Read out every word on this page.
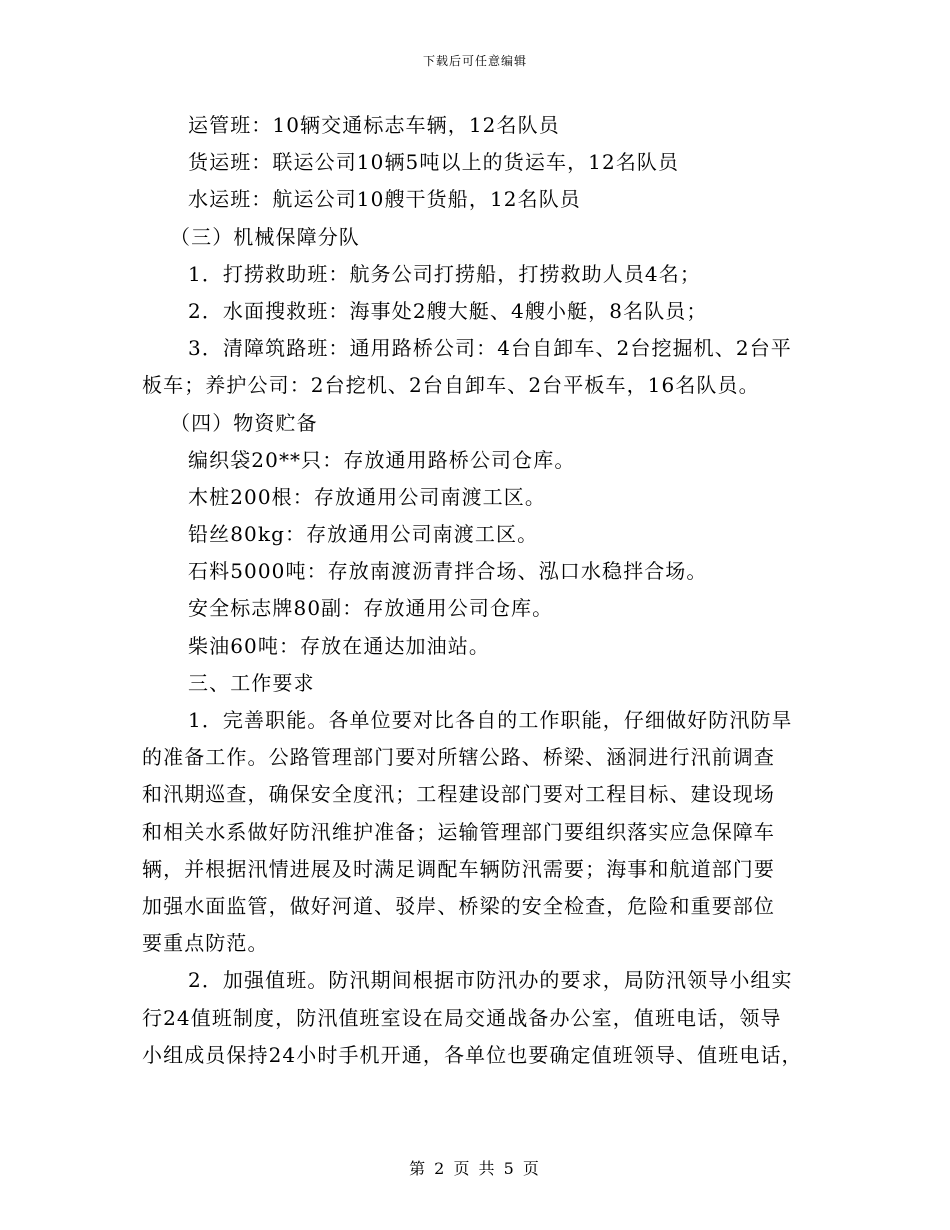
下载后可任意编辑
运管班：10辆交通标志车辆，12名队员
货运班：联运公司10辆5吨以上的货运车，12名队员
水运班：航运公司10艘干货船，12名队员
（三）机械保障分队
1．打捞救助班：航务公司打捞船，打捞救助人员4名；
2．水面搜救班：海事处2艘大艇、4艘小艇，8名队员；
3．清障筑路班：通用路桥公司：4台自卸车、2台挖掘机、2台平
板车；养护公司：2台挖机、2台自卸车、2台平板车，16名队员。
（四）物资贮备
编织袋20**只：存放通用路桥公司仓库。
木桩200根：存放通用公司南渡工区。
铅丝80kg：存放通用公司南渡工区。
石料5000吨：存放南渡沥青拌合场、泓口水稳拌合场。
安全标志牌80副：存放通用公司仓库。
柴油60吨：存放在通达加油站。
三、工作要求
1．完善职能。各单位要对比各自的工作职能，仔细做好防汛防旱
的准备工作。公路管理部门要对所辖公路、桥梁、涵洞进行汛前调查
和汛期巡查，确保安全度汛；工程建设部门要对工程目标、建设现场
和相关水系做好防汛维护准备；运输管理部门要组织落实应急保障车
辆，并根据汛情进展及时满足调配车辆防汛需要；海事和航道部门要
加强水面监管，做好河道、驳岸、桥梁的安全检查，危险和重要部位
要重点防范。
2．加强值班。防汛期间根据市防汛办的要求，局防汛领导小组实
行24值班制度，防汛值班室设在局交通战备办公室，值班电话，领导
小组成员保持24小时手机开通，各单位也要确定值班领导、值班电话，
第 2 页 共 5 页
